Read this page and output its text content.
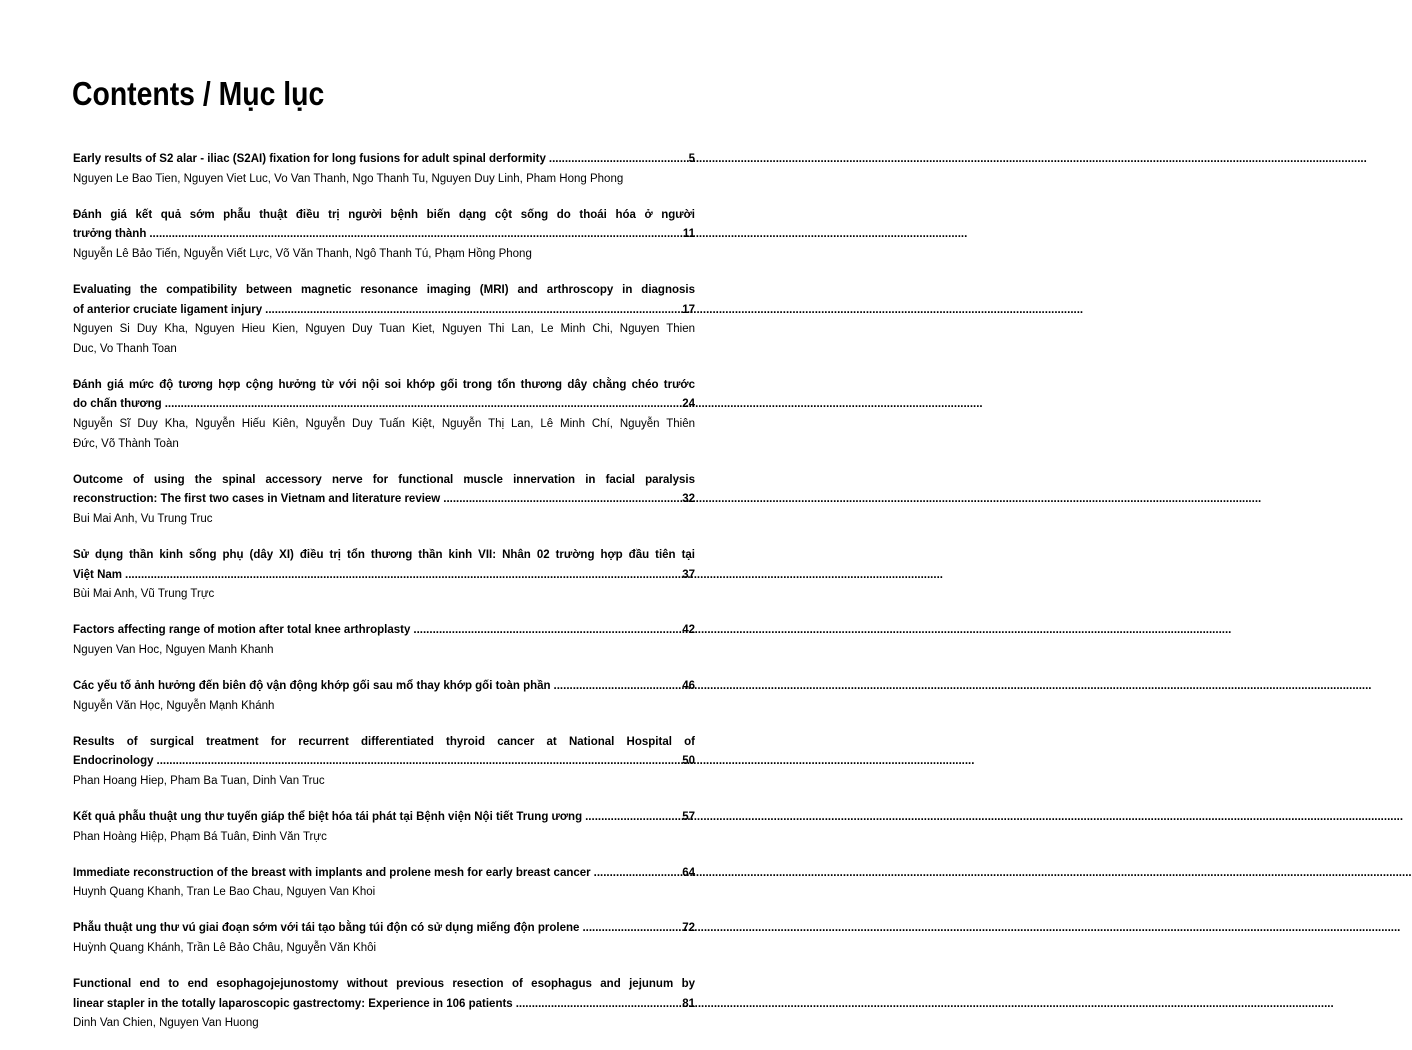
Contents / Mục lục
Early results of S2 alar - iliac (S2AI) fixation for long fusions for adult spinal derformity .....	5
Nguyen Le Bao Tien, Nguyen Viet Luc, Vo Van Thanh, Ngo Thanh Tu, Nguyen Duy Linh, Pham Hong Phong
Đánh giá kết quả sớm phẫu thuật điều trị người bệnh biến dạng cột sống do thoái hóa ở người
trưởng thành .....	11
Nguyễn Lê Bảo Tiến, Nguyễn Viết Lực, Võ Văn Thanh, Ngô Thanh Tú, Phạm Hồng Phong
Evaluating the compatibility between magnetic resonance imaging (MRI) and arthroscopy in diagnosis
of anterior cruciate ligament injury .....	17
Nguyen Si Duy Kha, Nguyen Hieu Kien, Nguyen Duy Tuan Kiet, Nguyen Thi Lan, Le Minh Chi, Nguyen Thien
Duc, Vo Thanh Toan
Đánh giá mức độ tương hợp cộng hưởng từ với nội soi khớp gối trong tổn thương dây chằng chéo trước
do chấn thương .....	24
Nguyễn Sĩ Duy Kha, Nguyễn Hiếu Kiên, Nguyễn Duy Tuấn Kiệt, Nguyễn Thị Lan, Lê Minh Chí, Nguyễn Thiên
Đức, Võ Thành Toàn
Outcome of using the spinal accessory nerve for functional muscle innervation in facial paralysis
reconstruction: The first two cases in Vietnam and literature review .....	32
Bui Mai Anh, Vu Trung Truc
Sử dụng thần kinh sống phụ (dây XI) điều trị tổn thương thần kinh VII: Nhân 02 trường hợp đầu tiên tại
Việt Nam .....	37
Bùi Mai Anh, Vũ Trung Trực
Factors affecting range of motion after total knee arthroplasty .....	42
Nguyen Van Hoc, Nguyen Manh Khanh
Các yếu tố ảnh hưởng đến biên độ vận động khớp gối sau mổ thay khớp gối toàn phần .....	46
Nguyễn Văn Học, Nguyễn Mạnh Khánh
Results of surgical treatment for recurrent differentiated thyroid cancer at National Hospital of
Endocrinology .....	50
Phan Hoang Hiep, Pham Ba Tuan, Dinh Van Truc
Kết quả phẫu thuật ung thư tuyến giáp thể biệt hóa tái phát tại Bệnh viện Nội tiết Trung ương .....	57
Phan Hoàng Hiệp, Phạm Bá Tuân, Đinh Văn Trực
Immediate reconstruction of the breast with implants and prolene mesh for early breast cancer .....	64
Huynh Quang Khanh, Tran Le Bao Chau, Nguyen Van Khoi
Phẫu thuật ung thư vú giai đoạn sớm với tái tạo bằng túi độn có sử dụng miếng độn prolene .....	72
Huỳnh Quang Khánh, Trần Lê Bảo Châu, Nguyễn Văn Khôi
Functional end to end esophagojejunostomy without previous resection of esophagus and jejunum by
linear stapler in the totally laparoscopic gastrectomy: Experience in 106 patients .....	81
Dinh Van Chien, Nguyen Van Huong
